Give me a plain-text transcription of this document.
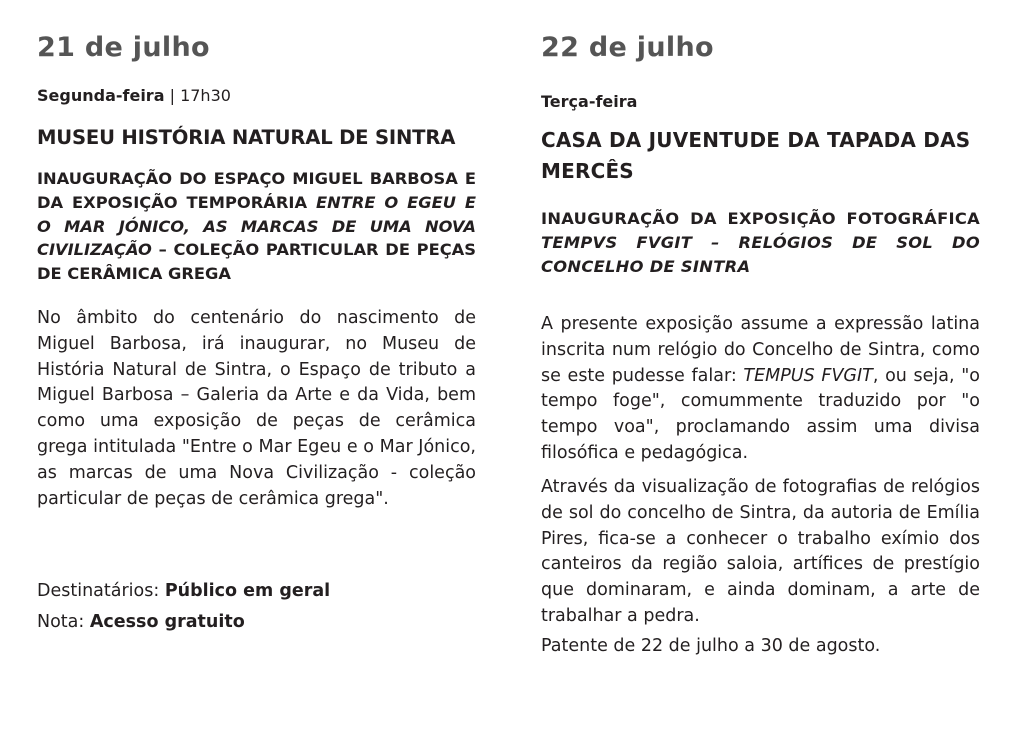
21 de julho

Segunda-feira | 17h30

MUSEU HISTÓRIA NATURAL DE SINTRA

INAUGURAÇÃO DO ESPAÇO MIGUEL BARBOSA E DA EXPOSIÇÃO TEMPORÁRIA ENTRE O EGEU E O MAR JÓNICO, AS MARCAS DE UMA NOVA CIVILIZAÇÃO – COLEÇÃO PARTICULAR DE PEÇAS DE CERÂMICA GREGA

No âmbito do centenário do nascimento de Miguel Barbosa, irá inaugurar, no Museu de História Natural de Sintra, o Espaço de tributo a Miguel Barbosa – Galeria da Arte e da Vida, bem como uma exposição de peças de cerâmica grega intitulada "Entre o Mar Egeu e o Mar Jónico, as marcas de uma Nova Civilização - coleção particular de peças de cerâmica grega".

Destinatários: Público em geral

Nota: Acesso gratuito

22 de julho

Terça-feira

CASA DA JUVENTUDE DA TAPADA DAS MERCÊS

INAUGURAÇÃO DA EXPOSIÇÃO FOTOGRÁFICA TEMPVS FVGIT – RELÓGIOS DE SOL DO CONCELHO DE SINTRA

A presente exposição assume a expressão latina inscrita num relógio do Concelho de Sintra, como se este pudesse falar: TEMPUS FVGIT, ou seja, "o tempo foge", comummente traduzido por "o tempo voa", proclamando assim uma divisa filosófica e pedagógica.

Através da visualização de fotografias de relógios de sol do concelho de Sintra, da autoria de Emília Pires, fica-se a conhecer o trabalho exímio dos canteiros da região saloia, artífices de prestígio que dominaram, e ainda dominam, a arte de trabalhar a pedra.

Patente de 22 de julho a 30 de agosto.
